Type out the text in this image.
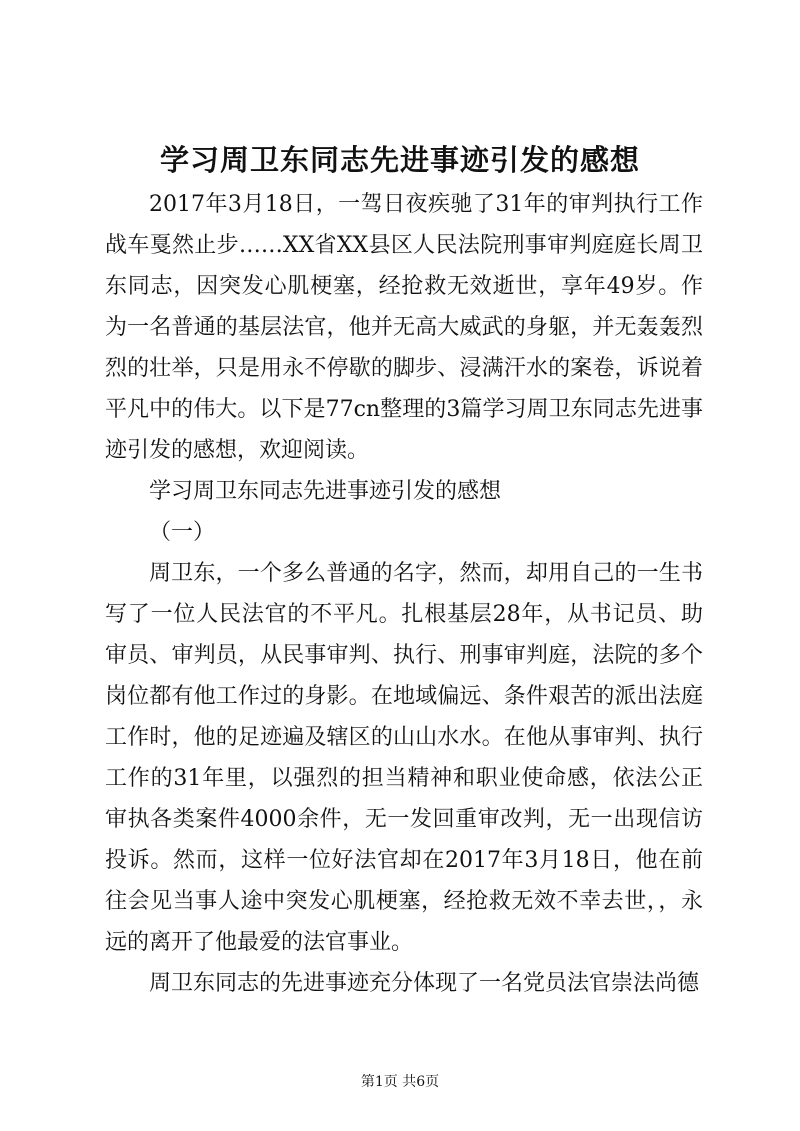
学习周卫东同志先进事迹引发的感想

2017年3月18日，一驾日夜疾驰了31年的审判执行工作战车戛然止步……XX省XX县区人民法院刑事审判庭庭长周卫东同志，因突发心肌梗塞，经抢救无效逝世，享年49岁。作为一名普通的基层法官，他并无高大威武的身躯，并无轰轰烈烈的壮举，只是用永不停歇的脚步、浸满汗水的案卷，诉说着平凡中的伟大。以下是77cn整理的3篇学习周卫东同志先进事迹引发的感想，欢迎阅读。

学习周卫东同志先进事迹引发的感想

（一）

周卫东，一个多么普通的名字，然而，却用自己的一生书写了一位人民法官的不平凡。扎根基层28年，从书记员、助审员、审判员，从民事审判、执行、刑事审判庭，法院的多个岗位都有他工作过的身影。在地域偏远、条件艰苦的派出法庭工作时，他的足迹遍及辖区的山山水水。在他从事审判、执行工作的31年里，以强烈的担当精神和职业使命感，依法公正审执各类案件4000余件，无一发回重审改判，无一出现信访投诉。然而，这样一位好法官却在2017年3月18日，他在前往会见当事人途中突发心肌梗塞，经抢救无效不幸去世，，永远的离开了他最爱的法官事业。

周卫东同志的先进事迹充分体现了一名党员法官崇法尚德

第1页 共6页
